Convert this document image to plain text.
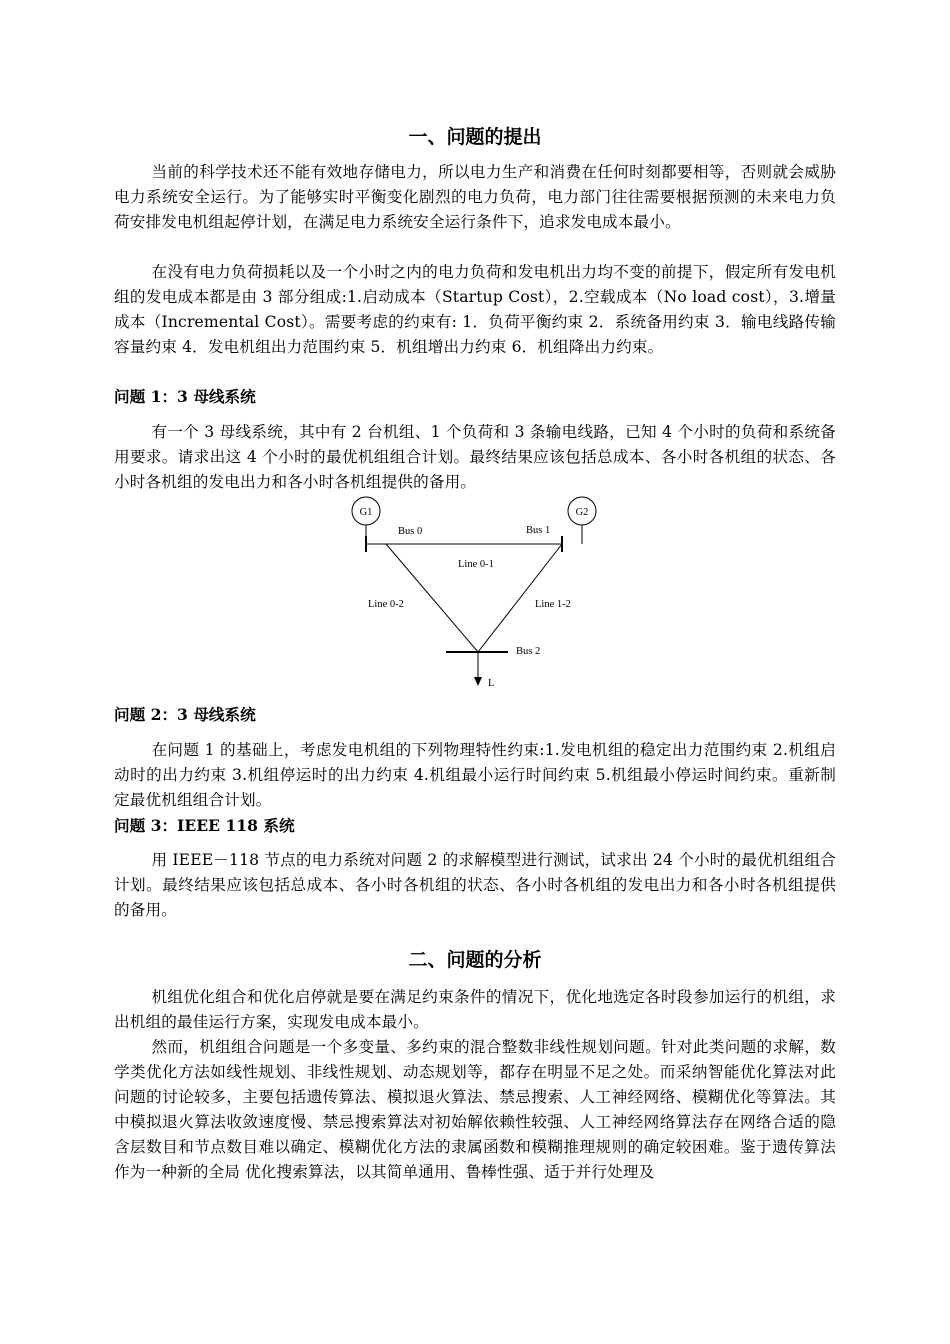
一、问题的提出

当前的科学技术还不能有效地存储电力，所以电力生产和消费在任何时刻都要相等，否则就会威胁电力系统安全运行。为了能够实时平衡变化剧烈的电力负荷，电力部门往往需要根据预测的未来电力负荷安排发电机组起停计划，在满足电力系统安全运行条件下，追求发电成本最小。

在没有电力负荷损耗以及一个小时之内的电力负荷和发电机出力均不变的前提下，假定所有发电机组的发电成本都是由 3 部分组成:1.启动成本（Startup Cost），2.空载成本（No load cost），3.增量成本（Incremental Cost）。需要考虑的约束有: 1．负荷平衡约束 2．系统备用约束 3．输电线路传输容量约束 4．发电机组出力范围约束 5．机组增出力约束 6．机组降出力约束。

问题 1：3 母线系统

有一个 3 母线系统，其中有 2 台机组、1 个负荷和 3 条输电线路，已知 4 个小时的负荷和系统备用要求。请求出这 4 个小时的最优机组组合计划。最终结果应该包括总成本、各小时各机组的状态、各小时各机组的发电出力和各小时各机组提供的备用。

G1	G2
Bus 0	Bus 1
Line 0-1
Line 0-2	Line 1-2
Bus 2
L
问题 2：3 母线系统

在问题 1 的基础上，考虑发电机组的下列物理特性约束:1.发电机组的稳定出力范围约束 2.机组启动时的出力约束 3.机组停运时的出力约束 4.机组最小运行时间约束 5.机组最小停运时间约束。重新制定最优机组组合计划。

问题 3：IEEE 118 系统

用 IEEE－118 节点的电力系统对问题 2 的求解模型进行测试，试求出 24 个小时的最优机组组合计划。最终结果应该包括总成本、各小时各机组的状态、各小时各机组的发电出力和各小时各机组提供的备用。

二、问题的分析

机组优化组合和优化启停就是要在满足约束条件的情况下，优化地选定各时段参加运行的机组，求出机组的最佳运行方案，实现发电成本最小。

然而，机组组合问题是一个多变量、多约束的混合整数非线性规划问题。针对此类问题的求解，数学类优化方法如线性规划、非线性规划、动态规划等，都存在明显不足之处。而采纳智能优化算法对此问题的讨论较多，主要包括遗传算法、模拟退火算法、禁忌搜索、人工神经网络、模糊优化等算法。其中模拟退火算法收敛速度慢、禁忌搜索算法对初始解依赖性较强、人工神经网络算法存在网络合适的隐含层数目和节点数目难以确定、模糊优化方法的隶属函数和模糊推理规则的确定较困难。鉴于遗传算法作为一种新的全局 优化搜索算法，以其简单通用、鲁棒性强、适于并行处理及
